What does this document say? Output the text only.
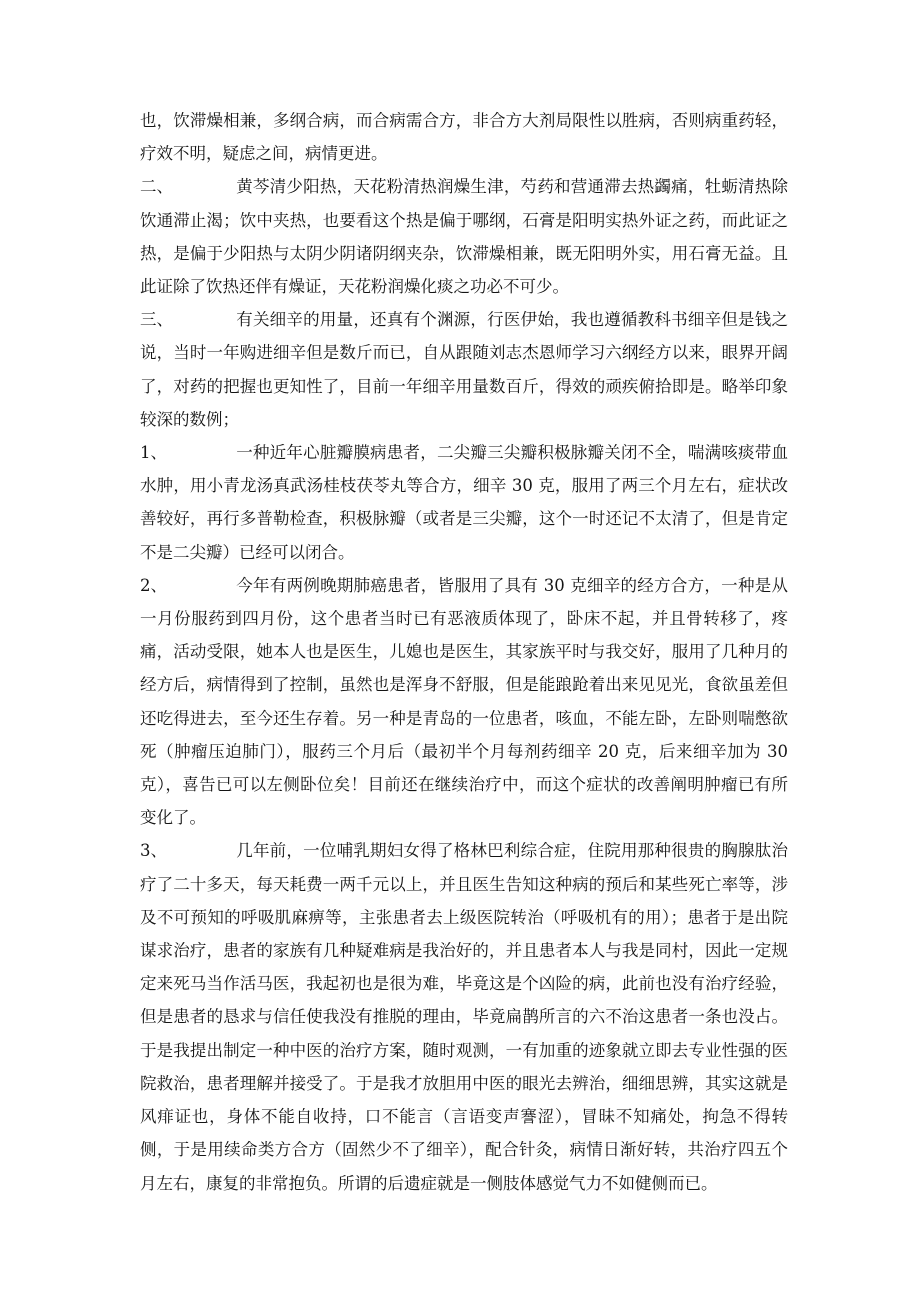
也，饮滞燥相兼，多纲合病，而合病需合方，非合方大剂局限性以胜病，否则病重药轻，疗效不明，疑虑之间，病情更进。

二、	黄芩清少阳热，天花粉清热润燥生津，芍药和营通滞去热蠲痛，牡蛎清热除饮通滞止渴；饮中夹热，也要看这个热是偏于哪纲，石膏是阳明实热外证之药，而此证之热，是偏于少阳热与太阴少阴诸阴纲夹杂，饮滞燥相兼，既无阳明外实，用石膏无益。且此证除了饮热还伴有燥证，天花粉润燥化痰之功必不可少。

三、	有关细辛的用量，还真有个渊源，行医伊始，我也遵循教科书细辛但是钱之说，当时一年购进细辛但是数斤而已，自从跟随刘志杰恩师学习六纲经方以来，眼界开阔了，对药的把握也更知性了，目前一年细辛用量数百斤，得效的顽疾俯拾即是。略举印象较深的数例；

1、	一种近年心脏瓣膜病患者，二尖瓣三尖瓣积极脉瓣关闭不全，喘满咳痰带血水肿，用小青龙汤真武汤桂枝茯苓丸等合方，细辛 30 克，服用了两三个月左右，症状改善较好，再行多普勒检查，积极脉瓣（或者是三尖瓣，这个一时还记不太清了，但是肯定不是二尖瓣）已经可以闭合。

2、	今年有两例晚期肺癌患者，皆服用了具有 30 克细辛的经方合方，一种是从一月份服药到四月份，这个患者当时已有恶液质体现了，卧床不起，并且骨转移了，疼痛，活动受限，她本人也是医生，儿媳也是医生，其家族平时与我交好，服用了几种月的经方后，病情得到了控制，虽然也是浑身不舒服，但是能踉跄着出来见见光，食欲虽差但还吃得进去，至今还生存着。另一种是青岛的一位患者，咳血，不能左卧，左卧则喘憋欲死（肿瘤压迫肺门），服药三个月后（最初半个月每剂药细辛 20 克，后来细辛加为 30 克），喜告已可以左侧卧位矣！目前还在继续治疗中，而这个症状的改善阐明肿瘤已有所变化了。

3、	几年前，一位哺乳期妇女得了格林巴利综合症，住院用那种很贵的胸腺肽治疗了二十多天，每天耗费一两千元以上，并且医生告知这种病的预后和某些死亡率等，涉及不可预知的呼吸肌麻痹等，主张患者去上级医院转治（呼吸机有的用）；患者于是出院谋求治疗，患者的家族有几种疑难病是我治好的，并且患者本人与我是同村，因此一定规定来死马当作活马医，我起初也是很为难，毕竟这是个凶险的病，此前也没有治疗经验，但是患者的恳求与信任使我没有推脱的理由，毕竟扁鹊所言的六不治这患者一条也没占。于是我提出制定一种中医的治疗方案，随时观测，一有加重的迹象就立即去专业性强的医院救治，患者理解并接受了。于是我才放胆用中医的眼光去辨治，细细思辨，其实这就是风痱证也，身体不能自收持，口不能言（言语变声謇涩），冒昧不知痛处，拘急不得转侧，于是用续命类方合方（固然少不了细辛），配合针灸，病情日渐好转，共治疗四五个月左右，康复的非常抱负。所谓的后遗症就是一侧肢体感觉气力不如健侧而已。
